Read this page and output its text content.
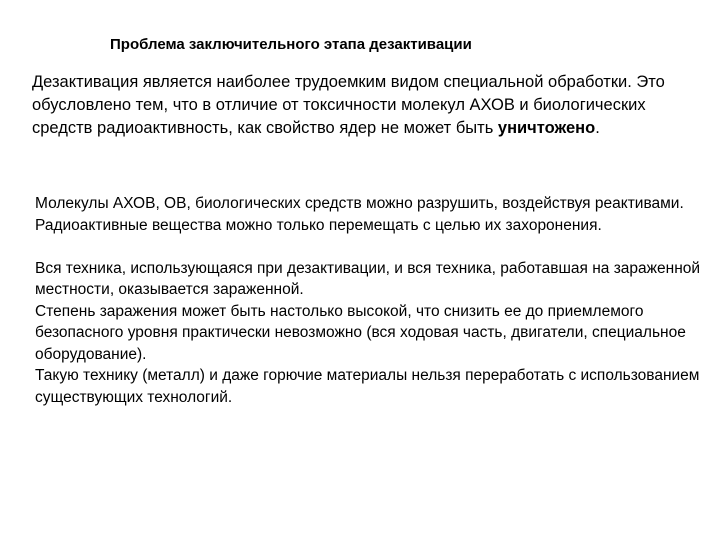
Проблема заключительного этапа дезактивации
Дезактивация является наиболее трудоемким видом специальной обработки. Это обусловлено тем, что в отличие от токсичности молекул АХОВ и биологических средств радиоактивность, как свойство ядер не может быть уничтожено.

Молекулы АХОВ, ОВ, биологических средств можно разрушить, воздействуя реактивами.

Радиоактивные вещества можно только перемещать с целью их захоронения.

Вся техника, использующаяся при дезактивации, и вся техника, работавшая на зараженной местности, оказывается зараженной.

Степень заражения может быть настолько высокой, что снизить ее до приемлемого безопасного уровня практически невозможно (вся ходовая часть, двигатели, специальное оборудование).

Такую технику (металл) и даже горючие материалы нельзя переработать с использованием существующих технологий.
